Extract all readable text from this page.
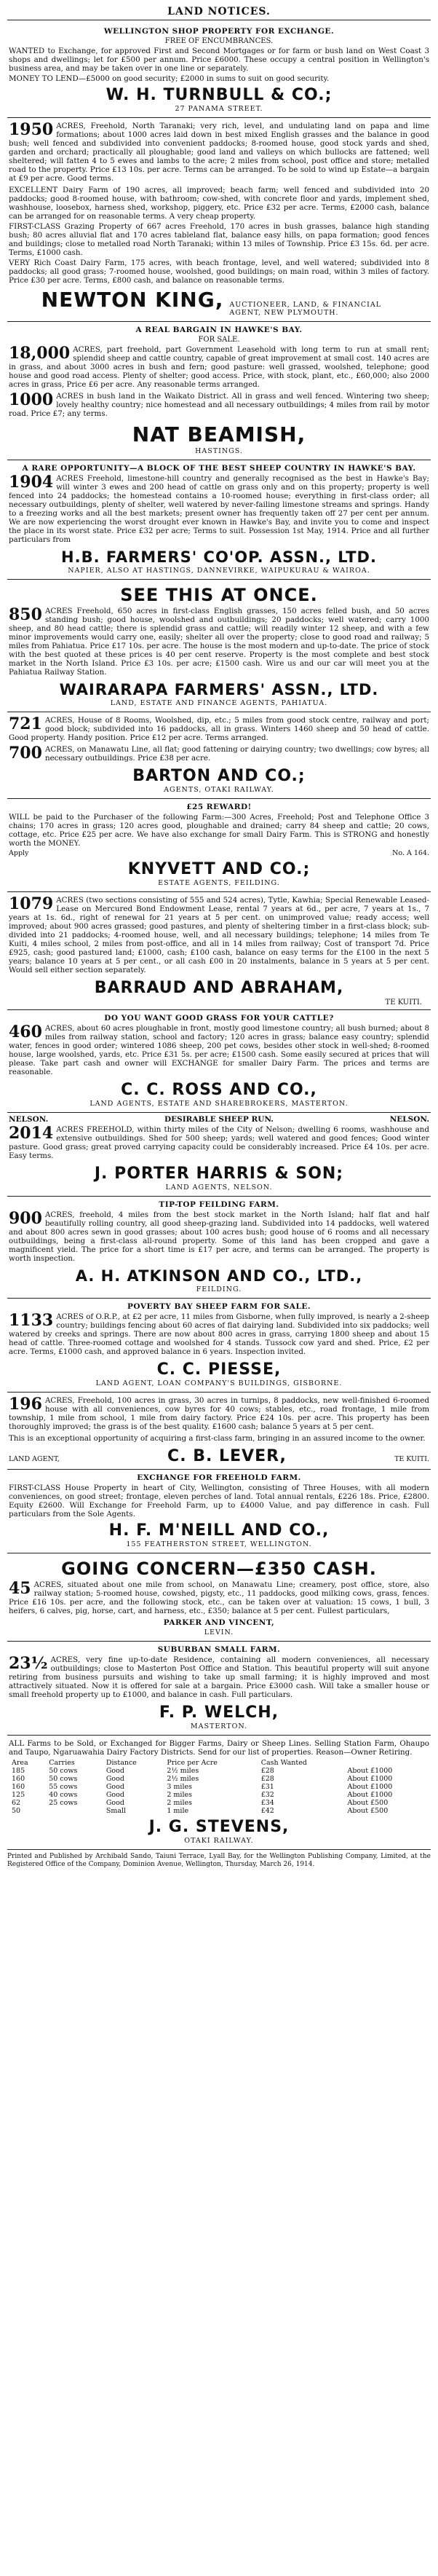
LAND NOTICES.
WELLINGTON SHOP PROPERTY FOR EXCHANGE.
FREE OF ENCUMBRANCES.

WANTED to Exchange, for approved First and Second Mortgages or for farm or bush land on West Coast 3 shops and dwellings; let for £500 per annum. Price £6000. These occupy a central position in Wellington's business area, and may be taken over in one line or separately.

MONEY TO LEND—£5000 on good security; £2000 in sums to suit on good security.

W. H. TURNBULL & CO.;
27 PANAMA STREET.

1950 ACRES, Freehold, North Taranaki; very rich, level, and undulating land on papa and lime formations; about 1000 acres laid down in best mixed English grasses and the balance in good bush; well fenced and subdivided into convenient paddocks; 8-roomed house, good stock yards and shed, garden and orchard; practically all ploughable; good land and valleys on which bullocks are fattened; well sheltered; will fatten 4 to 5 ewes and lambs to the acre; 2 miles from school, post office and store; metalled road to the property. Price £13 10s. per acre. Terms can be arranged. To be sold to wind up Estate—a bargain at £9 per acre. Good terms.

EXCELLENT Dairy Farm of 190 acres, all improved; beach farm; well fenced and subdivided into 20 paddocks; good 8-roomed house, with bathroom; cow-shed, with concrete floor and yards, implement shed, washhouse, loosebox, harness shed, workshop, piggery, etc. Price £32 per acre. Terms, £2000 cash, balance can be arranged for on reasonable terms. A very cheap property.

FIRST-CLASS Grazing Property of 667 acres Freehold, 170 acres in bush grasses, balance high standing bush; 80 acres alluvial flat and 170 acres tableland flat, balance easy hills, on papa formation; good fences and buildings; close to metalled road North Taranaki; within 13 miles of Township. Price £3 15s. 6d. per acre. Terms, £1000 cash.

VERY Rich Coast Dairy Farm, 175 acres, with beach frontage, level, and well watered; subdivided into 8 paddocks; all good grass; 7-roomed house, woolshed, good buildings; on main road, within 3 miles of factory. Price £30 per acre. Terms, £800 cash, and balance on reasonable terms.

NEWTON KING, AUCTIONEER, LAND, & FINANCIAL AGENT, NEW PLYMOUTH.
A REAL BARGAIN IN HAWKE'S BAY.
FOR SALE.

18,000 ACRES, part freehold, part Government Leasehold with long term to run at small rent; splendid sheep and cattle country, capable of great improvement at small cost. 140 acres are in grass, and about 3000 acres in bush and fern; good pasture: well grassed, woolshed, telephone; good house and good road access. Plenty of shelter; good access. Price, with stock, plant, etc., £60,000; also 2000 acres in grass, Price £6 per acre. Any reasonable terms arranged.

1000 ACRES in bush land in the Waikato District. All in grass and well fenced. Wintering two sheep; lovely healthy country; nice homestead and all necessary outbuildings; 4 miles from rail by motor road. Price £7; any terms.

NAT BEAMISH,
HASTINGS.
A RARE OPPORTUNITY—A BLOCK OF THE BEST SHEEP COUNTRY IN HAWKE'S BAY.

1904 ACRES Freehold, limestone-hill country and generally recognised as the best in Hawke's Bay; will winter 3 ewes and 200 head of cattle on grass only and on this property; property is well fenced into 24 paddocks; the homestead contains a 10-roomed house; everything in first-class order; all necessary outbuildings, plenty of shelter, well watered by never-failing limestone streams and springs. Handy to a freezing works and all the best markets; present owner has frequently taken off 27 per cent per annum. We are now experiencing the worst drought ever known in Hawke's Bay, and invite you to come and inspect the place in its worst state. Price £32 per acre; Terms to suit. Possession 1st May, 1914. Price and all further particulars from

H.B. FARMERS' CO'OP. ASSN., LTD.
NAPIER, ALSO AT HASTINGS, DANNEVIRKE, WAIPUKURAU & WAIROA.
SEE THIS AT ONCE.

850 ACRES Freehold, 650 acres in first-class English grasses, 150 acres felled bush, and 50 acres standing bush; good house, woolshed and outbuildings; 20 paddocks; well watered; carry 1000 sheep, and 80 head cattle; there is splendid grass and cattle; will readily winter 12 sheep, and with a few minor improvements would carry one, easily; shelter all over the property; close to good road and railway; 5 miles from Pahiatua. Price £17 10s. per acre. The house is the most modern and up-to-date. The price of stock with the best quoted at these prices is 40 per cent reserve. Property is the most complete and best stock market in the North Island. Price £3 10s. per acre; £1500 cash. Wire us and our car will meet you at the Pahiatua Railway Station.

WAIRARAPA FARMERS' ASSN., LTD.
LAND, ESTATE AND FINANCE AGENTS, PAHIATUA.

721 ACRES, House of 8 Rooms, Woolshed, dip, etc.; 5 miles from good stock centre, railway and port; good block; subdivided into 16 paddocks, all in grass. Winters 1460 sheep and 50 head of cattle. Good property. Handy position. Price £12 per acre. Terms arranged.

700 ACRES, on Manawatu Line, all flat; good fattening or dairying country; two dwellings; cow byres; all necessary outbuildings. Price £38 per acre.

BARTON AND CO.;
AGENTS, OTAKI RAILWAY.
£25 REWARD!

WILL be paid to the Purchaser of the following Farm:—300 Acres, Freehold; Post and Telephone Office 3 chains; 170 acres in grass; 120 acres good, ploughable and drained; carry 84 sheep and cattle; 20 cows, cottage, etc. Price £25 per acre. We have also exchange for small Dairy Farm. This is STRONG and honestly worth the MONEY.

Apply	No. A 164.
KNYVETT AND CO.;
ESTATE AGENTS, FEILDING.

1079 ACRES (two sections consisting of 555 and 524 acres), Tytle, Kawhia; Special Renewable Leased-Lease on Mercured Bond Endowment Lease, rental 7 years at 6d., per acre, 7 years at 1s., 7 years at 1s. 6d., right of renewal for 21 years at 5 per cent. on unimproved value; ready access; well improved; about 900 acres grassed; good pastures, and plenty of sheltering timber in a first-class block; sub-divided into 21 paddocks; 4-roomed house, well, and all necessary buildings; telephone; 14 miles from Te Kuiti, 4 miles school, 2 miles from post-office, and all in 14 miles from railway; Cost of transport 7d. Price £925, cash; good pastured land; £1000, cash; £100 cash, balance on easy terms for the £100 in the next 5 years; balance 10 years at 5 per cent., or all cash £00 in 20 instalments, balance in 5 years at 5 per cent. Would sell either section separately.

BARRAUD AND ABRAHAM,
TE KUITI.
DO YOU WANT GOOD GRASS FOR YOUR CATTLE?

460 ACRES, about 60 acres ploughable in front, mostly good limestone country; all bush burned; about 8 miles from railway station, school and factory; 120 acres in grass; balance easy country; splendid water, fences in good order; wintered 1086 sheep, 200 pet cows, besides other stock in well-shed; 8-roomed house, large woolshed, yards, etc. Price £31 5s. per acre; £1500 cash. Some easily secured at prices that will please. Take part cash and owner will EXCHANGE for smaller Dairy Farm. The prices and terms are reasonable.

C. C. ROSS AND CO.,
LAND AGENTS, ESTATE AND SHAREBROKERS, MASTERTON.
NELSON.	DESIRABLE SHEEP RUN.	NELSON.

2014 ACRES FREEHOLD, within thirty miles of the City of Nelson; dwelling 6 rooms, washhouse and extensive outbuildings. Shed for 500 sheep; yards; well watered and good fences; Good winter pasture. Good grass; great proved carrying capacity could be considerably increased. Price £4 10s. per acre. Easy terms.

J. PORTER HARRIS & SON;
LAND AGENTS, NELSON.
TIP-TOP FEILDING FARM.

900 ACRES, freehold, 4 miles from the best stock market in the North Island; half flat and half beautifully rolling country, all good sheep-grazing land. Subdivided into 14 paddocks, well watered and about 800 acres sewn in good grasses; about 100 acres bush; good house of 6 rooms and all necessary outbuildings, being a first-class all-round property. Some of this land has been cropped and gave a magnificent yield. The price for a short time is £17 per acre, and terms can be arranged. The property is worth inspection.

A. H. ATKINSON AND CO., LTD.,
FEILDING.
POVERTY BAY SHEEP FARM FOR SALE.

1133 ACRES of O.R.P., at £2 per acre, 11 miles from Gisborne, when fully improved, is nearly a 2-sheep country; buildings fencing about 60 acres of flat dairying land. Subdivided into six paddocks; well watered by creeks and springs. There are now about 800 acres in grass, carrying 1800 sheep and about 15 head of cattle. Three-roomed cottage and woolshed for 4 stands. Tussock cow yard and shed. Price, £2 per acre. Terms, £1000 cash, and approved balance in 6 years. Inspection invited.

C. C. PIESSE,
LAND AGENT, LOAN COMPANY'S BUILDINGS, GISBORNE.

196 ACRES, Freehold, 100 acres in grass, 30 acres in turnips, 8 paddocks, new well-finished 6-roomed house with all conveniences, cow byres for 40 cows; stables, etc., road frontage, 1 mile from township, 1 mile from school, 1 mile from dairy factory. Price £24 10s. per acre. This property has been thoroughly improved; the grass is of the best quality. £1600 cash; balance 5 years at 5 per cent.

This is an exceptional opportunity of acquiring a first-class farm, bringing in an assured income to the owner.

LAND AGENT,	C. B. LEVER,	TE KUITI.
EXCHANGE FOR FREEHOLD FARM.

FIRST-CLASS House Property in heart of City, Wellington, consisting of Three Houses, with all modern conveniences, on good street; frontage, eleven perches of land. Total annual rentals, £226 18s. Price, £2800. Equity £2600. Will Exchange for Freehold Farm, up to £4000 Value, and pay difference in cash. Full particulars from the Sole Agents.

H. F. M'NEILL AND CO.,
155 FEATHERSTON STREET, WELLINGTON.
GOING CONCERN—£350 CASH.

45 ACRES, situated about one mile from school, on Manawatu Line; creamery, post office, store, also railway station; 5-roomed house, cowshed, pigsty, etc., 11 paddocks, good milking cows, grass, fences. Price £16 10s. per acre, and the following stock, etc., can be taken over at valuation: 15 cows, 1 bull, 3 heifers, 6 calves, pig, horse, cart, and harness, etc., £350; balance at 5 per cent. Fullest particulars,

PARKER AND VINCENT,
LEVIN.
SUBURBAN SMALL FARM.

23½ ACRES, very fine up-to-date Residence, containing all modern conveniences, all necessary outbuildings; close to Masterton Post Office and Station. This beautiful property will suit anyone retiring from business pursuits and wishing to take up small farming; it is highly improved and most attractively situated. Now it is offered for sale at a bargain. Price £3000 cash. Will take a smaller house or small freehold property up to £1000, and balance in cash. Full particulars.

F. P. WELCH,
MASTERTON.

ALL Farms to be Sold, or Exchanged for Bigger Farms, Dairy or Sheep Lines. Selling Station Farm, Ohaupo and Taupo, Ngaruawahia Dairy Factory Districts. Send for our list of properties. Reason—Owner Retiring.

Area	Carries	Distance	Price per Acre	Cash Wanted	
185	50 cows	Good	2½ miles	£28	About £1000
160	50 cows	Good	2½ miles	£28	About £1000
160	55 cows	Good	3 miles	£31	About £1000
125	40 cows	Good	2 miles	£32	About £1000
62	25 cows	Good	2 miles	£34	About £500
50		Small	1 mile	£42	About £500
J. G. STEVENS,
OTAKI RAILWAY.
Printed and Published by Archibald Sando, Taiuni Terrace, Lyall Bay, for the Wellington Publishing Company, Limited, at the Registered Office of the Company, Dominion Avenue, Wellington, Thursday, March 26, 1914.
